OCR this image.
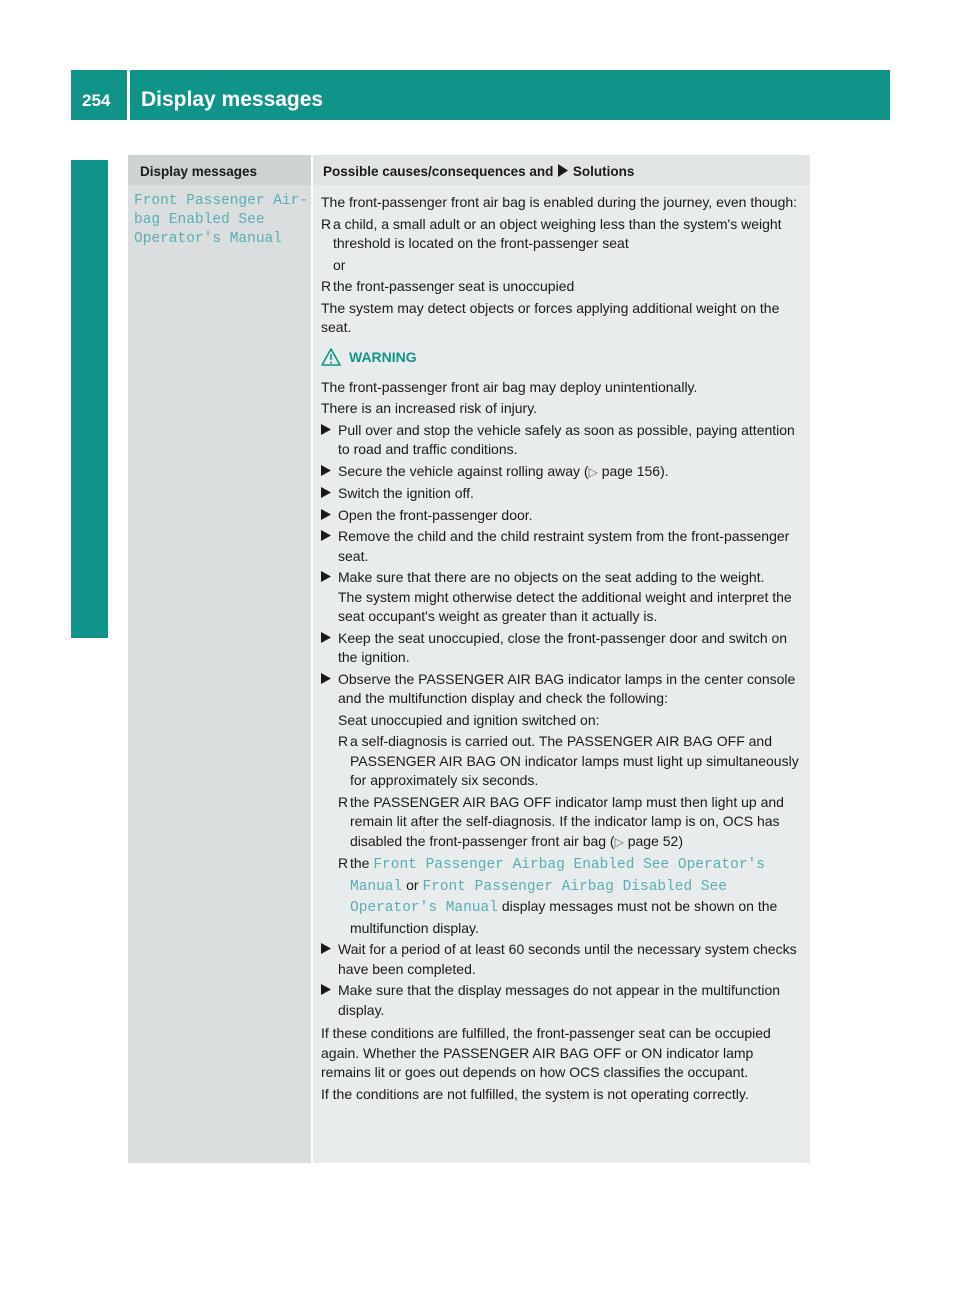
254 Display messages
On-board computer and displays
Display messages	Possible causes/consequences and Solutions
Front Passenger Air‐
bag Enabled See
Operator's Manual
The front-passenger front air bag is enabled during the journey, even though:
R a child, a small adult or an object weighing less than the system's weight threshold is located on the front-passenger seat
or
R the front-passenger seat is unoccupied
The system may detect objects or forces applying additional weight on the seat.
WARNING
The front-passenger front air bag may deploy unintentionally.
There is an increased risk of injury.
Pull over and stop the vehicle safely as soon as possible, paying attention to road and traffic conditions.
Secure the vehicle against rolling away (▷ page 156).
Switch the ignition off.
Open the front-passenger door.
Remove the child and the child restraint system from the front-passenger seat.
Make sure that there are no objects on the seat adding to the weight.
The system might otherwise detect the additional weight and interpret the seat occupant's weight as greater than it actually is.
Keep the seat unoccupied, close the front-passenger door and switch on the ignition.
Observe the PASSENGER AIR BAG indicator lamps in the center console and the multifunction display and check the following:
Seat unoccupied and ignition switched on:
R a self-diagnosis is carried out. The PASSENGER AIR BAG OFF and PASSENGER AIR BAG ON indicator lamps must light up simultaneously for approximately six seconds.
R the PASSENGER AIR BAG OFF indicator lamp must then light up and remain lit after the self-diagnosis. If the indicator lamp is on, OCS has disabled the front-passenger front air bag (▷ page 52)
R the Front Passenger Airbag Enabled See Operator's Manual or Front Passenger Airbag Disabled See Operator's Manual display messages must not be shown on the multifunction display.
Wait for a period of at least 60 seconds until the necessary system checks have been completed.
Make sure that the display messages do not appear in the multifunction display.
If these conditions are fulfilled, the front-passenger seat can be occupied again. Whether the PASSENGER AIR BAG OFF or ON indicator lamp remains lit or goes out depends on how OCS classifies the occupant.
If the conditions are not fulfilled, the system is not operating correctly.
